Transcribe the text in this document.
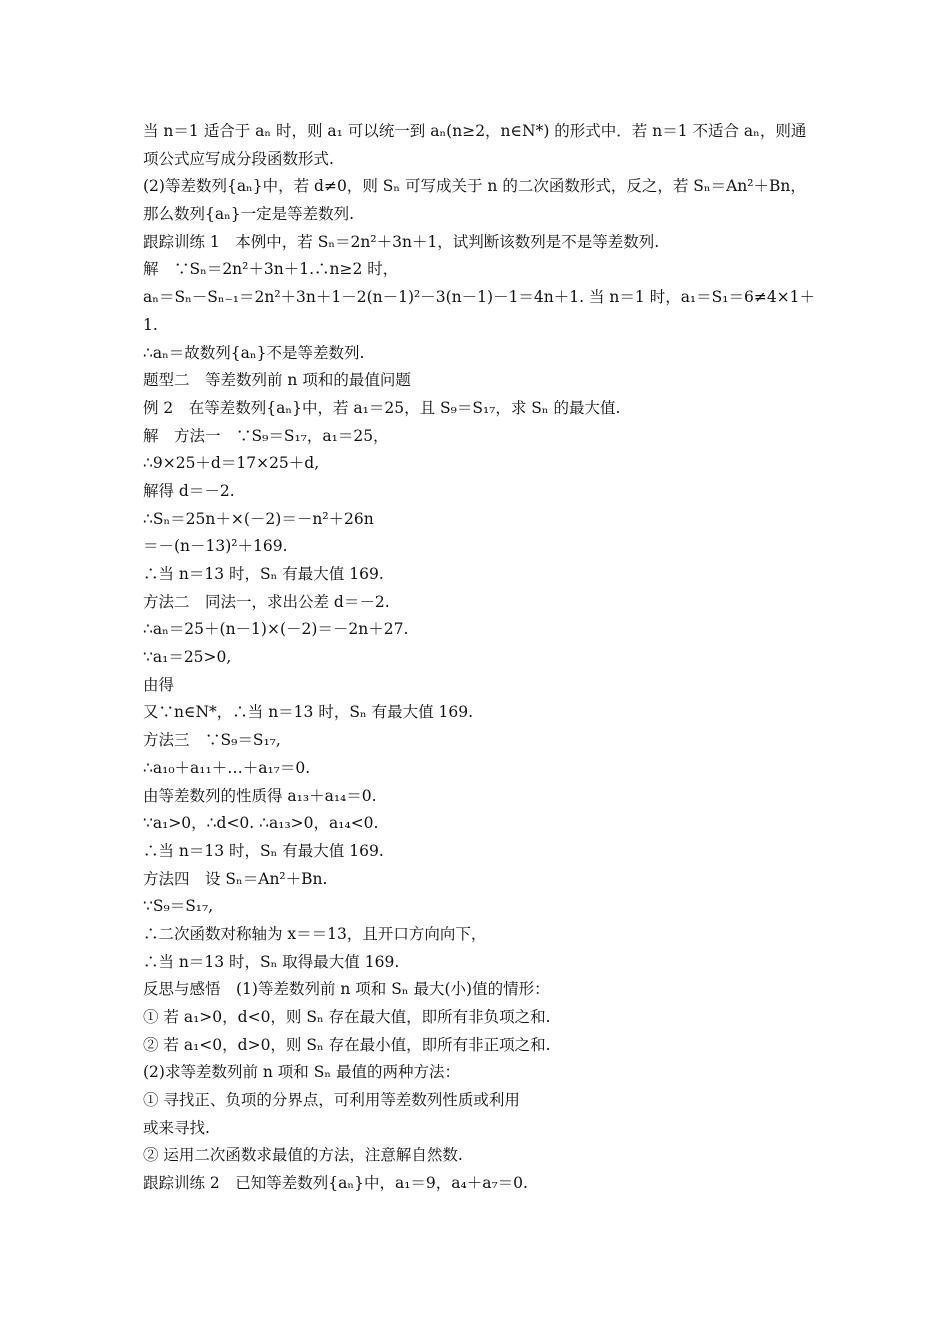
当 n＝1 适合于 aₙ 时，则 a₁ 可以统一到 aₙ(n≥2，n∈N*) 的形式中．若 n＝1 不适合 aₙ，则通
项公式应写成分段函数形式.
(2)等差数列{aₙ}中，若 d≠0，则 Sₙ 可写成关于 n 的二次函数形式，反之，若 Sₙ＝An²＋Bn，
那么数列{aₙ}一定是等差数列.
跟踪训练 1　本例中，若 Sₙ＝2n²＋3n＋1，试判断该数列是不是等差数列.
解　∵Sₙ＝2n²＋3n＋1.∴n≥2 时，
aₙ＝Sₙ－Sₙ₋₁＝2n²＋3n＋1－2(n－1)²－3(n－1)－1＝4n＋1. 当 n＝1 时，a₁＝S₁＝6≠4×1＋
1.
∴aₙ＝故数列{aₙ}不是等差数列.
题型二　等差数列前 n 项和的最值问题
例 2　在等差数列{aₙ}中，若 a₁＝25，且 S₉＝S₁₇，求 Sₙ 的最大值.
解　方法一　∵S₉＝S₁₇，a₁＝25，
∴9×25＋d＝17×25＋d,
解得 d＝－2.
∴Sₙ＝25n＋×(－2)＝－n²＋26n
＝－(n－13)²＋169.
∴当 n＝13 时，Sₙ 有最大值 169.
方法二　同法一，求出公差 d＝－2.
∴aₙ＝25＋(n－1)×(－2)＝－2n＋27.
∵a₁＝25>0,
由得
又∵n∈N*，∴当 n＝13 时，Sₙ 有最大值 169.
方法三　∵S₉＝S₁₇,
∴a₁₀＋a₁₁＋…＋a₁₇＝0.
由等差数列的性质得 a₁₃＋a₁₄＝0.
∵a₁>0，∴d<0. ∴a₁₃>0，a₁₄<0.
∴当 n＝13 时，Sₙ 有最大值 169.
方法四　设 Sₙ＝An²＋Bn.
∵S₉＝S₁₇,
∴二次函数对称轴为 x＝＝13，且开口方向向下，
∴当 n＝13 时，Sₙ 取得最大值 169.
反思与感悟　(1)等差数列前 n 项和 Sₙ 最大(小)值的情形：
① 若 a₁>0，d<0，则 Sₙ 存在最大值，即所有非负项之和.
② 若 a₁<0，d>0，则 Sₙ 存在最小值，即所有非正项之和.
(2)求等差数列前 n 项和 Sₙ 最值的两种方法：
① 寻找正、负项的分界点，可利用等差数列性质或利用
或来寻找.
② 运用二次函数求最值的方法，注意解自然数.
跟踪训练 2　已知等差数列{aₙ}中，a₁＝9，a₄＋a₇＝0.
